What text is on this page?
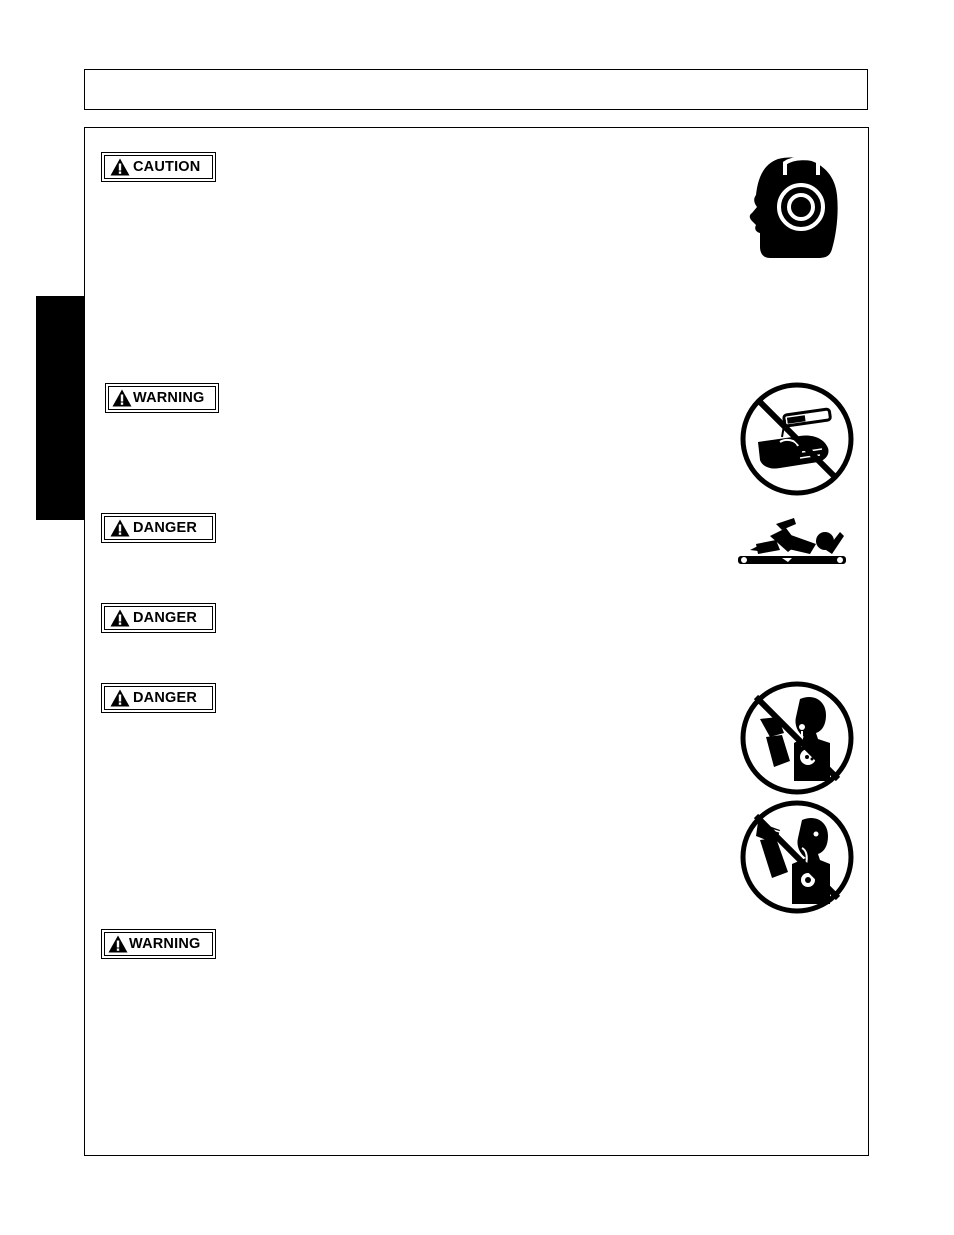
CAUTION
WARNING
DANGER
DANGER
DANGER
WARNING
